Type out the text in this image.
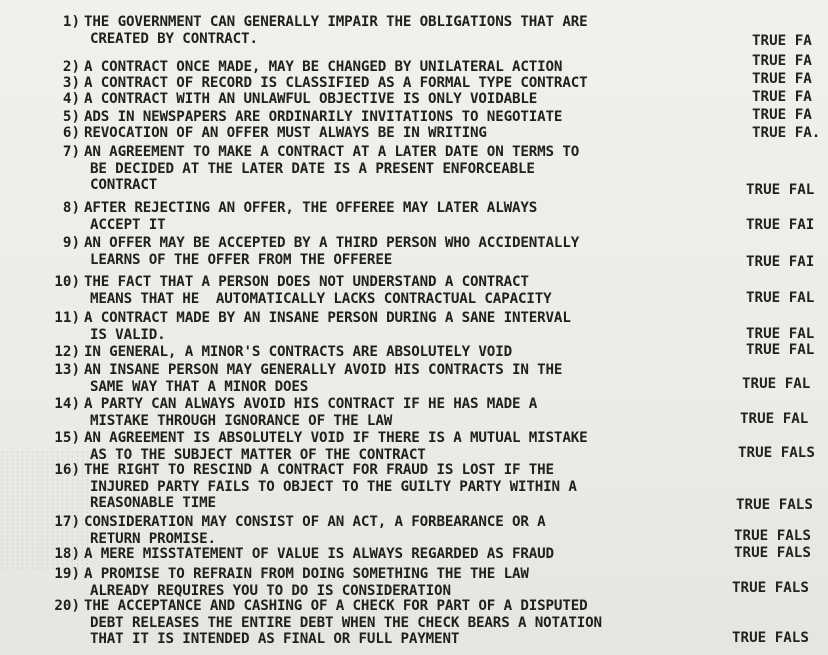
1) THE GOVERNMENT CAN GENERALLY IMPAIR THE OBLIGATIONS THAT ARE
CREATED BY CONTRACT.	TRUE FA
2) A CONTRACT ONCE MADE, MAY BE CHANGED BY UNILATERAL ACTION	TRUE FA
3) A CONTRACT OF RECORD IS CLASSIFIED AS A FORMAL TYPE CONTRACT	TRUE FA
4) A CONTRACT WITH AN UNLAWFUL OBJECTIVE IS ONLY VOIDABLE	TRUE FA
5) ADS IN NEWSPAPERS ARE ORDINARILY INVITATIONS TO NEGOTIATE	TRUE FA
6) REVOCATION OF AN OFFER MUST ALWAYS BE IN WRITING	TRUE FA.
7) AN AGREEMENT TO MAKE A CONTRACT AT A LATER DATE ON TERMS TO
BE DECIDED AT THE LATER DATE IS A PRESENT ENFORCEABLE
CONTRACT	TRUE FAL
8) AFTER REJECTING AN OFFER, THE OFFEREE MAY LATER ALWAYS
ACCEPT IT	TRUE FAI
9) AN OFFER MAY BE ACCEPTED BY A THIRD PERSON WHO ACCIDENTALLY
LEARNS OF THE OFFER FROM THE OFFEREE	TRUE FAI
10) THE FACT THAT A PERSON DOES NOT UNDERSTAND A CONTRACT
MEANS THAT HE  AUTOMATICALLY LACKS CONTRACTUAL CAPACITY	TRUE FAL
11) A CONTRACT MADE BY AN INSANE PERSON DURING A SANE INTERVAL
IS VALID.	TRUE FAL
12) IN GENERAL, A MINOR'S CONTRACTS ARE ABSOLUTELY VOID	TRUE FAL
13) AN INSANE PERSON MAY GENERALLY AVOID HIS CONTRACTS IN THE
SAME WAY THAT A MINOR DOES	TRUE FAL
14) A PARTY CAN ALWAYS AVOID HIS CONTRACT IF HE HAS MADE A
MISTAKE THROUGH IGNORANCE OF THE LAW	TRUE FAL
15) AN AGREEMENT IS ABSOLUTELY VOID IF THERE IS A MUTUAL MISTAKE
AS TO THE SUBJECT MATTER OF THE CONTRACT	TRUE FALS
16) THE RIGHT TO RESCIND A CONTRACT FOR FRAUD IS LOST IF THE
INJURED PARTY FAILS TO OBJECT TO THE GUILTY PARTY WITHIN A
REASONABLE TIME	TRUE FALS
17) CONSIDERATION MAY CONSIST OF AN ACT, A FORBEARANCE OR A
RETURN PROMISE.	TRUE FALS
18) A MERE MISSTATEMENT OF VALUE IS ALWAYS REGARDED AS FRAUD	TRUE FALS
19) A PROMISE TO REFRAIN FROM DOING SOMETHING THE THE LAW
ALREADY REQUIRES YOU TO DO IS CONSIDERATION	TRUE FALS
20) THE ACCEPTANCE AND CASHING OF A CHECK FOR PART OF A DISPUTED
DEBT RELEASES THE ENTIRE DEBT WHEN THE CHECK BEARS A NOTATION
THAT IT IS INTENDED AS FINAL OR FULL PAYMENT	TRUE FALS
